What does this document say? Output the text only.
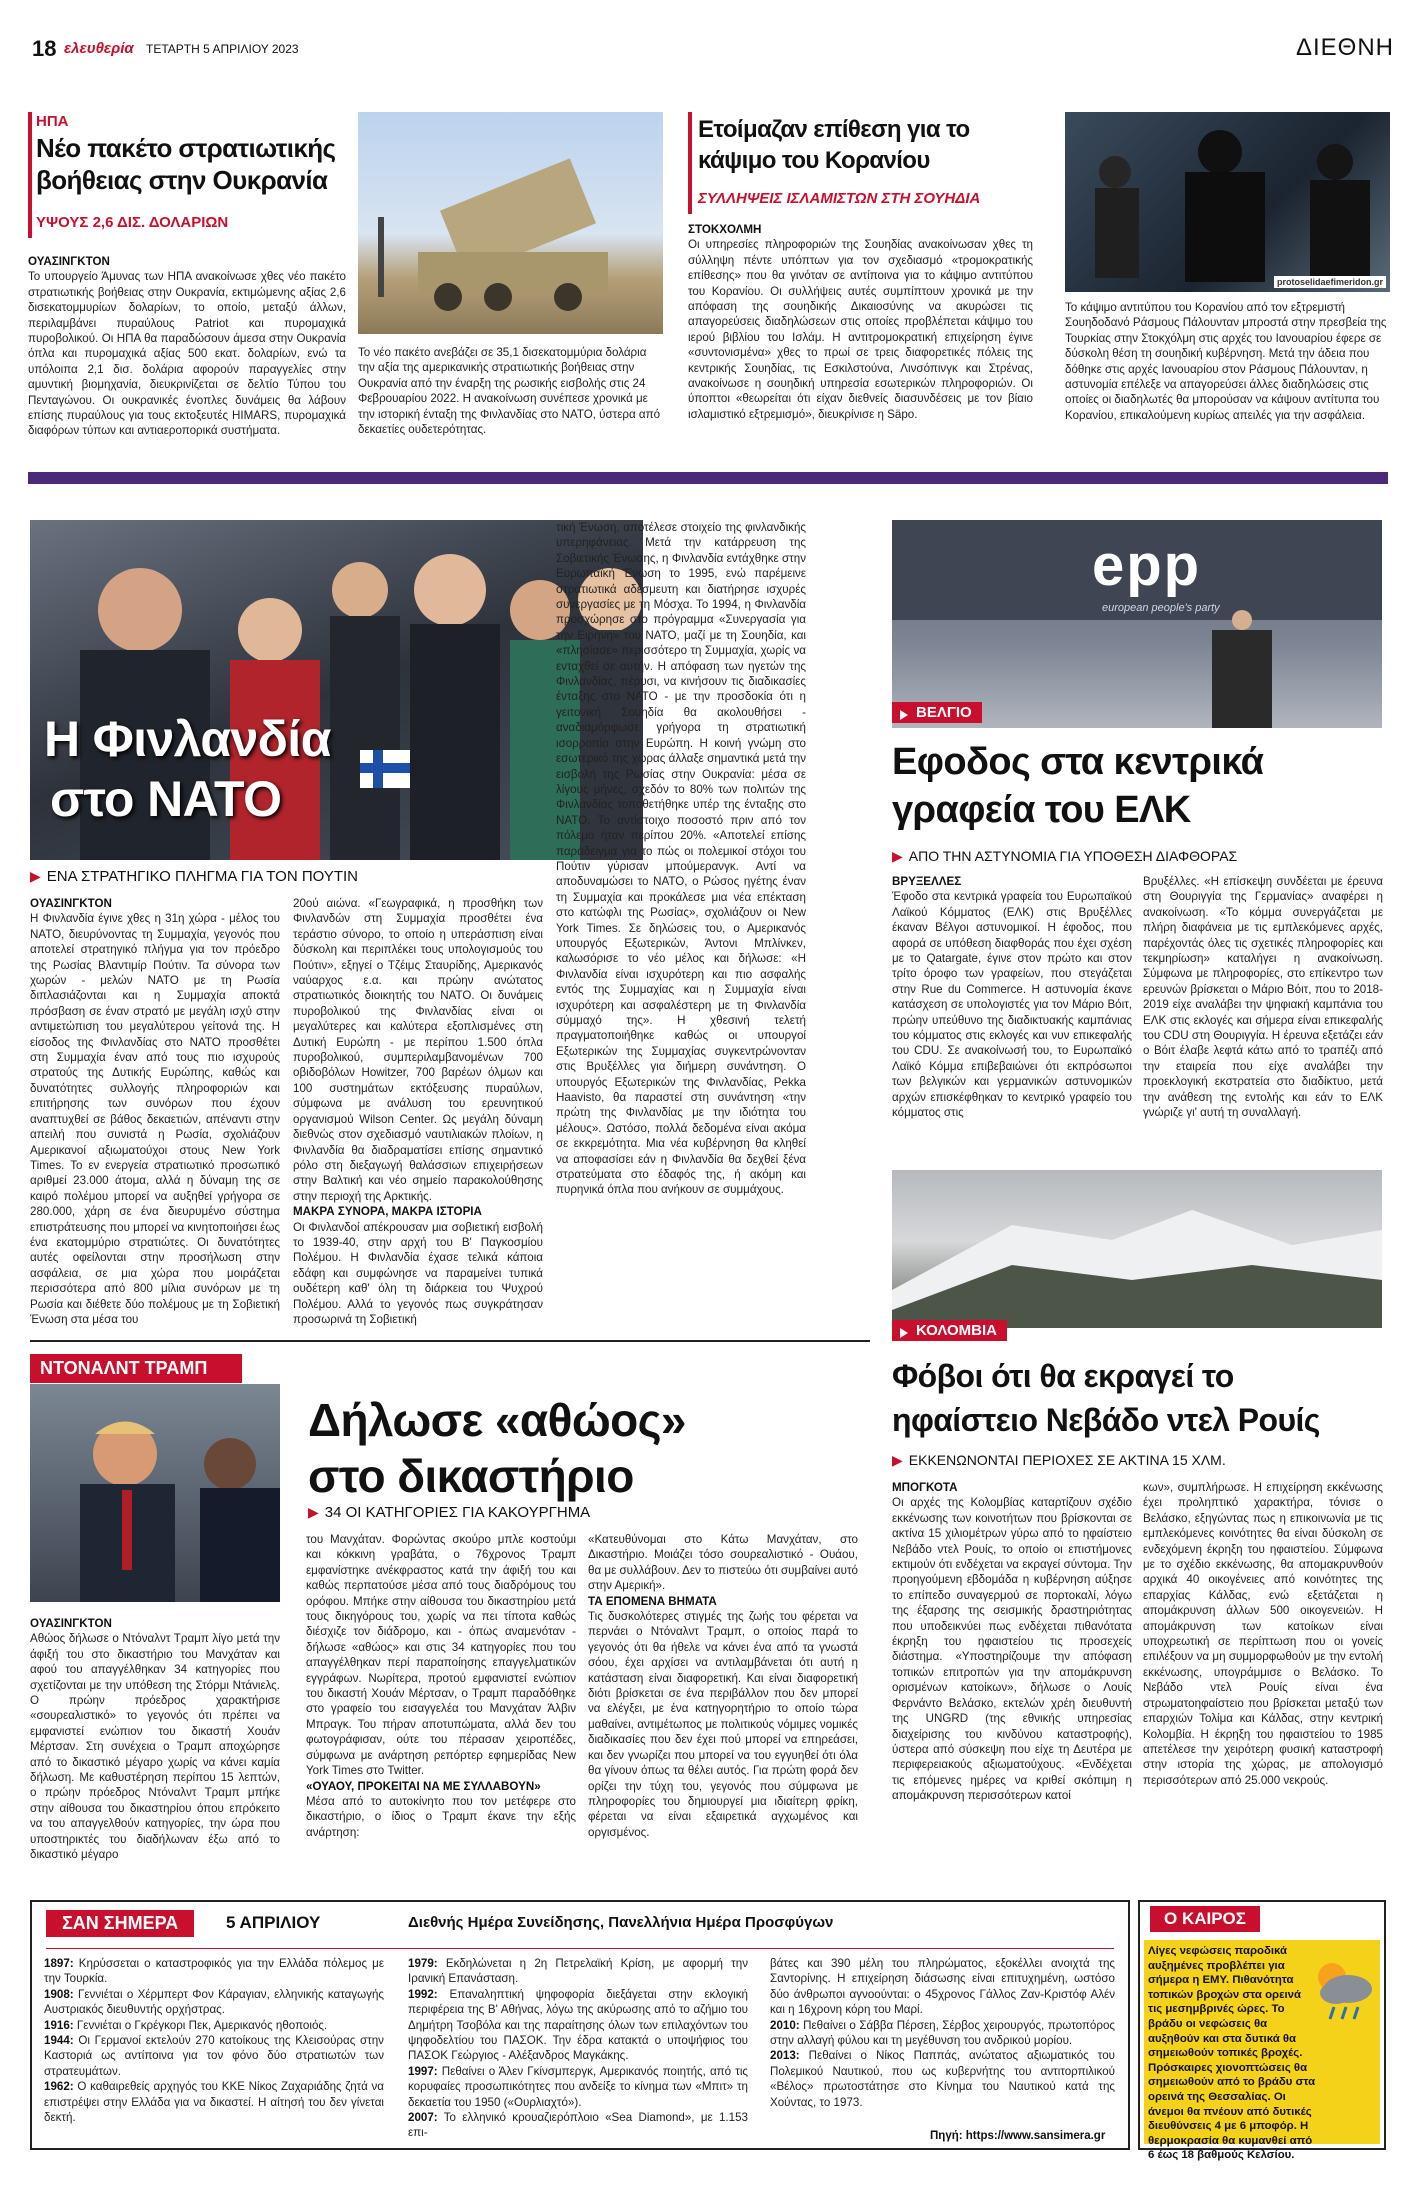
18 ελευθερία ΤΕΤΑΡΤΗ 5 ΑΠΡΙΛΙΟΥ 2023	ΔΙΕΘΝΗ
ΗΠΑ
Νέο πακέτο στρατιωτικής βοήθειας στην Ουκρανία
ΥΨΟΥΣ 2,6 ΔΙΣ. ΔΟΛΑΡΙΩΝ
ΟΥΑΣΙΝΓΚΤΟΝ
Το υπουργείο Άμυνας των ΗΠΑ ανακοίνωσε χθες νέο πακέτο στρατιωτικής βοήθειας στην Ουκρανία, εκτιμώμενης αξίας 2,6 δισεκατομμυρίων δολαρίων, το οποίο, μεταξύ άλλων, περιλαμβάνει πυραύλους Patriot και πυρομαχικά πυροβολικού. Οι ΗΠΑ θα παραδώσουν άμεσα στην Ουκρανία όπλα και πυρομαχικά αξίας 500 εκατ. δολαρίων, ενώ τα υπόλοιπα 2,1 δισ. δολάρια αφορούν παραγγελίες στην αμυντική βιομηχανία, διευκρινίζεται σε δελτίο Τύπου του Πενταγώνου. Οι ουκρανικές ένοπλες δυνάμεις θα λάβουν επίσης πυραύλους για τους εκτοξευτές HIMARS, πυρομαχικά διαφόρων τύπων και αντιαεροπορικά συστήματα.
Το νέο πακέτο ανεβάζει σε 35,1 δισεκατομμύρια δολάρια την αξία της αμερικανικής στρατιωτικής βοήθειας στην Ουκρανία από την έναρξη της ρωσικής εισβολής στις 24 Φεβρουαρίου 2022. Η ανακοίνωση συνέπεσε χρονικά με την ιστορική ένταξη της Φινλανδίας στο ΝΑΤΟ, ύστερα από δεκαετίες ουδετερότητας.
Ετοίμαζαν επίθεση για το κάψιμο του Κορανίου
ΣΥΛΛΗΨΕΙΣ ΙΣΛΑΜΙΣΤΩΝ ΣΤΗ ΣΟΥΗΔΙΑ
ΣΤΟΚΧΟΛΜΗ
Οι υπηρεσίες πληροφοριών της Σουηδίας ανακοίνωσαν χθες τη σύλληψη πέντε υπόπτων για τον σχεδιασμό «τρομοκρατικής επίθεσης» που θα γινόταν σε αντίποινα για το κάψιμο αντιτύπου του Κορανίου. Οι συλλήψεις αυτές συμπίπτουν χρονικά με την απόφαση της σουηδικής Δικαιοσύνης να ακυρώσει τις απαγορεύσεις διαδηλώσεων στις οποίες προβλέπεται κάψιμο του ιερού βιβλίου του Ισλάμ. Η αντιτρομοκρατική επιχείρηση έγινε «συντονισμένα» χθες το πρωί σε τρεις διαφορετικές πόλεις της κεντρικής Σουηδίας, τις Εσκιλστούνα, Λινσόπινγκ και Στρένας, ανακοίνωσε η σουηδική υπηρεσία εσωτερικών πληροφοριών. Οι ύποπτοι «θεωρείται ότι είχαν διεθνείς διασυνδέσεις με τον βίαιο ισλαμιστικό εξτρεμισμό», διευκρίνισε η Säpo.
protoselidaefimeridon.gr
Το κάψιμο αντιτύπου του Κορανίου από τον εξτρεμιστή Σουηδοδανό Ράσμους Πάλουνταν μπροστά στην πρεσβεία της Τουρκίας στην Στοκχόλμη στις αρχές του Ιανουαρίου έφερε σε δύσκολη θέση τη σουηδική κυβέρνηση. Μετά την άδεια που δόθηκε στις αρχές Ιανουαρίου στον Ράσμους Πάλουνταν, η αστυνομία επέλεξε να απαγορεύσει άλλες διαδηλώσεις στις οποίες οι διαδηλωτές θα μπορούσαν να κάψουν αντίτυπα του Κορανίου, επικαλούμενη κυρίως απειλές για την ασφάλεια.
Η Φινλανδία
στο ΝΑΤΟ
▶ ΕΝΑ ΣΤΡΑΤΗΓΙΚΟ ΠΛΗΓΜΑ ΓΙΑ ΤΟΝ ΠΟΥΤΙΝ
ΟΥΑΣΙΝΓΚΤΟΝ
Η Φινλανδία έγινε χθες η 31η χώρα - μέλος του ΝΑΤΟ, διευρύνοντας τη Συμμαχία, γεγονός που αποτελεί στρατηγικό πλήγμα για τον πρόεδρο της Ρωσίας Βλαντιμίρ Πούτιν. Τα σύνορα των χωρών - μελών ΝΑΤΟ με τη Ρωσία διπλασιάζονται και η Συμμαχία αποκτά πρόσβαση σε έναν στρατό με μεγάλη ισχύ στην αντιμετώπιση του μεγαλύτερου γείτονά της. Η είσοδος της Φινλανδίας στο ΝΑΤΟ προσθέτει στη Συμμαχία έναν από τους πιο ισχυρούς στρατούς της Δυτικής Ευρώπης, καθώς και δυνατότητες συλλογής πληροφοριών και επιτήρησης των συνόρων που έχουν αναπτυχθεί σε βάθος δεκαετιών, απέναντι στην απειλή που συνιστά η Ρωσία, σχολιάζουν Αμερικανοί αξιωματούχοι στους New York Times. Το εν ενεργεία στρατιωτικό προσωπικό αριθμεί 23.000 άτομα, αλλά η δύναμη της σε καιρό πολέμου μπορεί να αυξηθεί γρήγορα σε 280.000, χάρη σε ένα διευρυμένο σύστημα επιστράτευσης που μπορεί να κινητοποιήσει έως ένα εκατομμύριο στρατιώτες. Οι δυνατότητες αυτές οφείλονται στην προσήλωση στην ασφάλεια, σε μια χώρα που μοιράζεται περισσότερα από 800 μίλια συνόρων με τη Ρωσία και διέθετε δύο πολέμους με τη Σοβιετική Ένωση στα μέσα του
20ού αιώνα. «Γεωγραφικά, η προσθήκη των Φινλανδών στη Συμμαχία προσθέτει ένα τεράστιο σύνορο, το οποίο η υπεράσπιση είναι δύσκολη και περιπλέκει τους υπολογισμούς του Πούτιν», εξηγεί ο Τζέιμς Σταυρίδης, Αμερικανός ναύαρχος ε.α. και πρώην ανώτατος στρατιωτικός διοικητής του ΝΑΤΟ. Οι δυνάμεις πυροβολικού της Φινλανδίας είναι οι μεγαλύτερες και καλύτερα εξοπλισμένες στη Δυτική Ευρώπη - με περίπου 1.500 όπλα πυροβολικού, συμπεριλαμβανομένων 700 οβιδοβόλων Howitzer, 700 βαρέων όλμων και 100 συστημάτων εκτόξευσης πυραύλων, σύμφωνα με ανάλυση του ερευνητικού οργανισμού Wilson Center. Ως μεγάλη δύναμη διεθνώς στον σχεδιασμό ναυτιλιακών πλοίων, η Φινλανδία θα διαδραματίσει επίσης σημαντικό ρόλο στη διεξαγωγή θαλάσσιων επιχειρήσεων στην Βαλτική και νέο σημείο παρακολούθησης στην περιοχή της Αρκτικής.
ΜΑΚΡΑ ΣΥΝΟΡΑ, ΜΑΚΡΑ ΙΣΤΟΡΙΑ
Οι Φινλανδοί απέκρουσαν μια σοβιετική εισβολή το 1939-40, στην αρχή του Β' Παγκοσμίου Πολέμου. Η Φινλανδία έχασε τελικά κάποια εδάφη και συμφώνησε να παραμείνει τυπικά ουδέτερη καθ' όλη τη διάρκεια του Ψυχρού Πολέμου. Αλλά το γεγονός πως συγκράτησαν προσωρινά τη Σοβιετική
τική Ένωση, αποτέλεσε στοιχείο της φινλανδικής υπερηφάνειας. Μετά την κατάρρευση της Σοβιετικής Ένωσης, η Φινλανδία εντάχθηκε στην Ευρωπαϊκή Ένωση το 1995, ενώ παρέμεινε στρατιωτικά αδέσμευτη και διατήρησε ισχυρές συνεργασίες με τη Μόσχα. Το 1994, η Φινλανδία προσχώρησε στο πρόγραμμα «Συνεργασία για την Ειρήνη» του ΝΑΤΟ, μαζί με τη Σουηδία, και «πλησίασε» περισσότερο τη Συμμαχία, χωρίς να ενταχθεί σε αυτήν. Η απόφαση των ηγετών της Φινλανδίας, πέρυσι, να κινήσουν τις διαδικασίες ένταξης στο ΝΑΤΟ - με την προσδοκία ότι η γειτονική Σουηδία θα ακολουθήσει - αναδιαμόρφωσε γρήγορα τη στρατιωτική ισορροπία στην Ευρώπη. Η κοινή γνώμη στο εσωτερικό της χώρας άλλαξε σημαντικά μετά την εισβολή της Ρωσίας στην Ουκρανία: μέσα σε λίγους μήνες, σχεδόν το 80% των πολιτών της Φινλανδίας τοποθετήθηκε υπέρ της ένταξης στο ΝΑΤΟ. Το αντίστοιχο ποσοστό πριν από τον πόλεμο ήταν περίπου 20%. «Αποτελεί επίσης παράδειγμα για το πώς οι πολεμικοί στόχοι του Πούτιν γύρισαν μπούμερανγκ. Αντί να αποδυναμώσει το ΝΑΤΟ, ο Ρώσος ηγέτης έναν τη Συμμαχία και προκάλεσε μια νέα επέκταση στο κατώφλι της Ρωσίας», σχολιάζουν οι New York Times. Σε δηλώσεις του, ο Αμερικανός υπουργός Εξωτερικών, Άντονι Μπλίνκεν, καλωσόρισε το νέο μέλος και δήλωσε: «Η Φινλανδία είναι ισχυρότερη και πιο ασφαλής εντός της Συμμαχίας και η Συμμαχία είναι ισχυρότερη και ασφαλέστερη με τη Φινλανδία σύμμαχό της». Η χθεσινή τελετή πραγματοποιήθηκε καθώς οι υπουργοί Εξωτερικών της Συμμαχίας συγκεντρώνονταν στις Βρυξέλλες για διήμερη συνάντηση. Ο υπουργός Εξωτερικών της Φινλανδίας, Pekka Haavisto, θα παραστεί στη συνάντηση «την πρώτη της Φινλανδίας με την ιδιότητα του μέλους». Ωστόσο, πολλά δεδομένα είναι ακόμα σε εκκρεμότητα. Μια νέα κυβέρνηση θα κληθεί να αποφασίσει εάν η Φινλανδία θα δεχθεί ξένα στρατεύματα στο έδαφός της, ή ακόμη και πυρηνικά όπλα που ανήκουν σε συμμάχους.
epp
european people's party
ΒΕΛΓΙΟ
Εφοδος στα κεντρικά γραφεία του ΕΛΚ
▶ ΑΠΟ ΤΗΝ ΑΣΤΥΝΟΜΙΑ ΓΙΑ ΥΠΟΘΕΣΗ ΔΙΑΦΘΟΡΑΣ
ΒΡΥΞΕΛΛΕΣ
Έφοδο στα κεντρικά γραφεία του Ευρωπαϊκού Λαϊκού Κόμματος (ΕΛΚ) στις Βρυξέλλες έκαναν Βέλγοι αστυνομικοί. Η έφοδος, που αφορά σε υπόθεση διαφθοράς που έχει σχέση με το Qatargate, έγινε στον πρώτο και στον τρίτο όροφο των γραφείων, που στεγάζεται στην Rue du Commerce. Η αστυνομία έκανε κατάσχεση σε υπολογιστές για τον Μάριο Βόιτ, πρώην υπεύθυνο της διαδικτυακής καμπάνιας του κόμματος στις εκλογές και νυν επικεφαλής του CDU. Σε ανακοίνωσή του, το Ευρωπαϊκό Λαϊκό Κόμμα επιβεβαιώνει ότι εκπρόσωποι των βελγικών και γερμανικών αστυνομικών αρχών επισκέφθηκαν το κεντρικό γραφείο του κόμματος στις
Βρυξέλλες. «Η επίσκεψη συνδέεται με έρευνα στη Θουριγγία της Γερμανίας» αναφέρει η ανακοίνωση. «Το κόμμα συνεργάζεται με πλήρη διαφάνεια με τις εμπλεκόμενες αρχές, παρέχοντάς όλες τις σχετικές πληροφορίες και τεκμηρίωση» καταλήγει η ανακοίνωση. Σύμφωνα με πληροφορίες, στο επίκεντρο των ερευνών βρίσκεται ο Μάριο Βόιτ, που το 2018-2019 είχε αναλάβει την ψηφιακή καμπάνια του ΕΛΚ στις εκλογές και σήμερα είναι επικεφαλής του CDU στη Θουριγγία. Η έρευνα εξετάζει εάν ο Βόιτ έλαβε λεφτά κάτω από το τραπέζι από την εταιρεία που είχε αναλάβει την προεκλογική εκστρατεία στο διαδίκτυο, μετά την ανάθεση της εντολής και εάν το ΕΛΚ γνώριζε γι' αυτή τη συναλλαγή.
ΚΟΛΟΜΒΙΑ
Φόβοι ότι θα εκραγεί το ηφαίστειο Νεβάδο ντελ Ρουίς
▶ ΕΚΚΕΝΩΝΟΝΤΑΙ ΠΕΡΙΟΧΕΣ ΣΕ ΑΚΤΙΝΑ 15 ΧΛΜ.
ΜΠΟΓΚΟΤΑ
Οι αρχές της Κολομβίας καταρτίζουν σχέδιο εκκένωσης των κοινοτήτων που βρίσκονται σε ακτίνα 15 χιλιομέτρων γύρω από το ηφαίστειο Νεβάδο ντελ Ρουίς, το οποίο οι επιστήμονες εκτιμούν ότι ενδέχεται να εκραγεί σύντομα. Την προηγούμενη εβδομάδα η κυβέρνηση αύξησε το επίπεδο συναγερμού σε πορτοκαλί, λόγω της έξαρσης της σεισμικής δραστηριότητας που υποδεικνύει πως ενδέχεται πιθανότατα έκρηξη του ηφαιστείου τις προσεχείς διάστημα. «Υποστηρίζουμε την απόφαση τοπικών επιτροπών για την απομάκρυνση ορισμένων κατοίκων», δήλωσε ο Λουίς Φερνάντο Βελάσκο, εκτελών χρέη διευθυντή της UNGRD (της εθνικής υπηρεσίας διαχείρισης του κινδύνου καταστροφής), ύστερα από σύσκεψη που είχε τη Δευτέρα με περιφερειακούς αξιωματούχους. «Ενδέχεται τις επόμενες ημέρες να κριθεί σκόπιμη η απομάκρυνση περισσότερων κατοί
κων», συμπλήρωσε. Η επιχείρηση εκκένωσης έχει προληπτικό χαρακτήρα, τόνισε ο Βελάσκο, εξηγώντας πως η επικοινωνία με τις εμπλεκόμενες κοινότητες θα είναι δύσκολη σε ενδεχόμενη έκρηξη του ηφαιστείου. Σύμφωνα με το σχέδιο εκκένωσης, θα απομακρυνθούν αρχικά 40 οικογένειες από κοινότητες της επαρχίας Κάλδας, ενώ εξετάζεται η απομάκρυνση άλλων 500 οικογενειών. Η απομάκρυνση των κατοίκων είναι υποχρεωτική σε περίπτωση που οι γονείς επιλέξουν να μη συμμορφωθούν με την εντολή εκκένωσης, υπογράμμισε ο Βελάσκο. Το Νεβάδο ντελ Ρουίς είναι ένα στρωματοηφαίστειο που βρίσκεται μεταξύ των επαρχιών Τολίμα και Κάλδας, στην κεντρική Κολομβία. Η έκρηξη του ηφαιστείου το 1985 απετέλεσε την χειρότερη φυσική καταστροφή στην ιστορία της χώρας, με απολογισμό περισσότερων από 25.000 νεκρούς.
ΝΤΟΝΑΛΝΤ ΤΡΑΜΠ
Δήλωσε «αθώος» στο δικαστήριο
▶ 34 ΟΙ ΚΑΤΗΓΟΡΙΕΣ ΓΙΑ ΚΑΚΟΥΡΓΗΜΑ
ΟΥΑΣΙΝΓΚΤΟΝ
Αθώος δήλωσε ο Ντόναλντ Τραμπ λίγο μετά την άφιξή του στο δικαστήριο του Μανχάταν και αφού του απαγγέλθηκαν 34 κατηγορίες που σχετίζονται με την υπόθεση της Στόρμι Ντάνιελς. Ο πρώην πρόεδρος χαρακτήρισε «σουρεαλιστικό» το γεγονός ότι πρέπει να εμφανιστεί ενώπιον του δικαστή Χουάν Μέρτσαν. Στη συνέχεια ο Τραμπ αποχώρησε από το δικαστικό μέγαρο χωρίς να κάνει καμία δήλωση. Με καθυστέρηση περίπου 15 λεπτών, ο πρώην πρόεδρος Ντόναλντ Τραμπ μπήκε στην αίθουσα του δικαστηρίου όπου επρόκειτο να του απαγγελθούν κατηγορίες, την ώρα που υποστηρικτές του διαδήλωναν έξω από το δικαστικό μέγαρο
του Μανχάταν. Φορώντας σκούρο μπλε κοστούμι και κόκκινη γραβάτα, ο 76χρονος Τραμπ εμφανίστηκε ανέκφραστος κατά την άφιξή του και καθώς περπατούσε μέσα από τους διαδρόμους του ορόφου. Μπήκε στην αίθουσα του δικαστηρίου μετά τους δικηγόρους του, χωρίς να πει τίποτα καθώς διέσχιζε τον διάδρομο, και - όπως αναμενόταν - δήλωσε «αθώος» και στις 34 κατηγορίες που του απαγγέλθηκαν περί παραποίησης επαγγελματικών εγγράφων. Νωρίτερα, προτού εμφανιστεί ενώπιον του δικαστή Χουάν Μέρτσαν, ο Τραμπ παραδόθηκε στο γραφείο του εισαγγελέα του Μανχάταν Άλβιν Μπραγκ. Του πήραν αποτυπώματα, αλλά δεν του φωτογράφισαν, ούτε του πέρασαν χειροπέδες, σύμφωνα με ανάρτηση ρεπόρτερ εφημερίδας New York Times στο Twitter.
«ΟΥΑΟΥ, ΠΡΟΚΕΙΤΑΙ ΝΑ ΜΕ ΣΥΛΛΑΒΟΥΝ»
Μέσα από το αυτοκίνητο που τον μετέφερε στο δικαστήριο, ο ίδιος ο Τραμπ έκανε την εξής ανάρτηση:
«Κατευθύνομαι στο Κάτω Μανχάταν, στο Δικαστήριο. Μοιάζει τόσο σουρεαλιστικό - Ουάου, θα με συλλάβουν. Δεν το πιστεύω ότι συμβαίνει αυτό στην Αμερική».
ΤΑ ΕΠΟΜΕΝΑ ΒΗΜΑΤΑ
Τις δυσκολότερες στιγμές της ζωής του φέρεται να περνάει ο Ντόναλντ Τραμπ, ο οποίος παρά το γεγονός ότι θα ήθελε να κάνει ένα από τα γνωστά σόου, έχει αρχίσει να αντιλαμβάνεται ότι αυτή η κατάσταση είναι διαφορετική. Και είναι διαφορετική διότι βρίσκεται σε ένα περιβάλλον που δεν μπορεί να ελέγξει, με ένα κατηγορητήριο το οποίο τώρα μαθαίνει, αντιμέτωπος με πολιτικούς νόμιμες νομικές διαδικασίες που δεν έχει πού μπορεί να επηρεάσει, και δεν γνωρίζει που μπορεί να του εγγυηθεί ότι όλα θα γίνουν όπως τα θέλει αυτός. Για πρώτη φορά δεν ορίζει την τύχη του, γεγονός που σύμφωνα με πληροφορίες του δημιουργεί μια ιδιαίτερη φρίκη, φέρεται να είναι εξαιρετικά αγχωμένος και οργισμένος.
ΣΑΝ ΣΗΜΕΡΑ	5 ΑΠΡΙΛΙΟΥ	Διεθνής Ημέρα Συνείδησης, Πανελλήνια Ημέρα Προσφύγων

1897: Κηρύσσεται ο καταστροφικός για την Ελλάδα πόλεμος με την Τουρκία.

1908: Γεννιέται ο Χέρμπερτ Φον Κάραγιαν, ελληνικής καταγωγής Αυστριακός διευθυντής ορχήστρας.

1916: Γεννιέται ο Γκρέγκορι Πεκ, Αμερικανός ηθοποιός.

1944: Οι Γερμανοί εκτελούν 270 κατοίκους της Κλεισούρας στην Καστοριά ως αντίποινα για τον φόνο δύο στρατιωτών των στρατευμάτων.

1962: Ο καθαιρεθείς αρχηγός του ΚΚΕ Νίκος Ζαχαριάδης ζητά να επιστρέψει στην Ελλάδα για να δικαστεί. Η αίτησή του δεν γίνεται δεκτή.

1979: Εκδηλώνεται η 2η Πετρελαϊκή Κρίση, με αφορμή την Ιρανική Επανάσταση.

1992: Επαναληπτική ψηφοφορία διεξάγεται στην εκλογική περιφέρεια της Β' Αθήνας, λόγω της ακύρωσης από το αζήμιο του Δημήτρη Τσοβόλα και της παραίτησης όλων των επιλαχόντων του ψηφοδελτίου του ΠΑΣΟΚ. Την έδρα κατακτά ο υποψήφιος του ΠΑΣΟΚ Γεώργιος - Αλέξανδρος Μαγκάκης.

1997: Πεθαίνει ο Άλεν Γκίνσμπεργκ, Αμερικανός ποιητής, από τις κορυφαίες προσωπικότητες που ανδείξε το κίνημα των «Μπιτ» τη δεκαετία του 1950 («Ουρλιαχτό»).

2007: Το ελληνικό κρουαζιερόπλοιο «Sea Diamond», με 1.153 επι-

βάτες και 390 μέλη του πληρώματος, εξοκέλλει ανοιχτά της Σαντορίνης. Η επιχείρηση διάσωσης είναι επιτυχημένη, ωστόσο δύο άνθρωποι αγνοούνται: ο 45χρονος Γάλλος Ζαν-Κριστόφ Αλέν και η 16χρονη κόρη του Μαρί.

2010: Πεθαίνει ο Σάββα Πέρσεη, Σέρβος χειρουργός, πρωτοπόρος στην αλλαγή φύλου και τη μεγέθυνση του ανδρικού μορίου.

2013: Πεθαίνει ο Νίκος Παππάς, ανώτατος αξιωματικός του Πολεμικού Ναυτικού, που ως κυβερνήτης του αντιτορπιλικού «Βέλος» πρωτοστάτησε στο Κίνημα του Ναυτικού κατά της Χούντας, το 1973.

Πηγή: https://www.sansimera.gr
Ο ΚΑΙΡΟΣ
Λίγες νεφώσεις παροδικά αυξημένες προβλέπει για σήμερα η ΕΜΥ. Πιθανότητα τοπικών βροχών στα ορεινά τις μεσημβρινές ώρες. Το βράδυ οι νεφώσεις θα αυξηθούν και στα δυτικά θα σημειωθούν τοπικές βροχές. Πρόσκαιρες χιονοπτώσεις θα σημειωθούν από το βράδυ στα ορεινά της Θεσσαλίας. Οι άνεμοι θα πνέουν από δυτικές διευθύνσεις 4 με 6 μποφόρ. Η θερμοκρασία θα κυμανθεί από 6 έως 18 βαθμούς Κελσίου.
